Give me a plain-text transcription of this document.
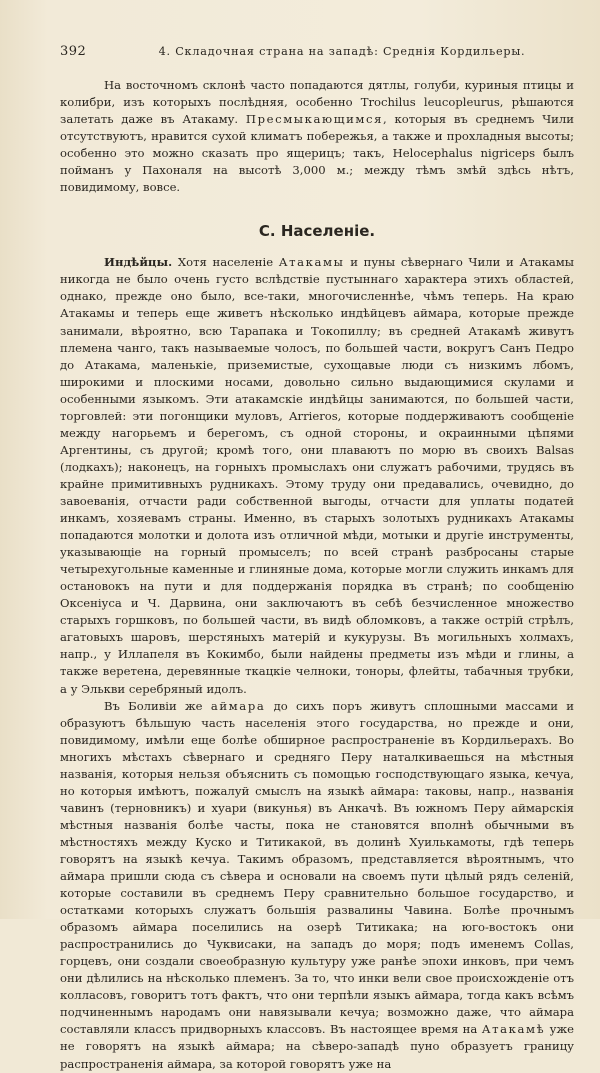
392	4. Складочная страна на западѣ: Среднія Кордильеры.

На восточномъ склонѣ часто попадаются дятлы, голуби, куриныя птицы и колибри, изъ которыхъ послѣдняя, особенно Trochilus leucopleurus, рѣшаются залетать даже въ Атакаму. Пресмыкающимся, которыя въ среднемъ Чили отсутствуютъ, нравится сухой климатъ побережья, а также и прохладныя высоты; особенно это можно сказать про ящерицъ; такъ, Helocephalus nigriceps былъ пойманъ у Пахоналя на высотѣ 3,000 м.; между тѣмъ змѣй здѣсь нѣтъ, повидимому, вовсе.

C. Населеніе.

Индѣйцы. Хотя населеніе Атакамы и пуны сѣвернаго Чили и Атакамы никогда не было очень густо вслѣдствіе пустыннаго характера этихъ областей, однако, прежде оно было, все-таки, многочисленнѣе, чѣмъ теперь. На краю Атакамы и теперь еще живетъ нѣсколько индѣйцевъ аймара, которые прежде занимали, вѣроятно, всю Тарапака и Токопиллу; въ средней Атакамѣ живутъ племена чанго, такъ называемые чолосъ, по большей части, вокругъ Санъ Педро до Атакама, маленькіе, приземистые, сухощавые люди съ низкимъ лбомъ, широкими и плоскими носами, довольно сильно выдающимися скулами и особенными языкомъ. Эти атакамскіе индѣйцы занимаются, по большей части, торговлей: эти погонщики муловъ, Arrieros, которые поддерживаютъ сообщеніе между нагорьемъ и берегомъ, съ одной стороны, и окраинными цѣпями Аргентины, съ другой; кромѣ того, они плаваютъ по морю въ своихъ Balsas (лодкахъ); наконецъ, на горныхъ промыслахъ они служатъ рабочими, трудясь въ крайне примитивныхъ рудникахъ. Этому труду они предавались, очевидно, до завоеванія, отчасти ради собственной выгоды, отчасти для уплаты податей инкамъ, хозяевамъ страны. Именно, въ старыхъ золотыхъ рудникахъ Атакамы попадаются молотки и долота изъ отличной мѣди, мотыки и другіе инструменты, указывающіе на горный промыселъ; по всей странѣ разбросаны старые четырехугольные каменные и глиняные дома, которые могли служить инкамъ для остановокъ на пути и для поддержанія порядка въ странѣ; по сообщенію Оксеніуса и Ч. Дарвина, они заключаютъ въ себѣ безчисленное множество старыхъ горшковъ, по большей части, въ видѣ обломковъ, а также острій стрѣлъ, агатовыхъ шаровъ, шерстяныхъ матерій и кукурузы. Въ могильныхъ холмахъ, напр., у Иллапеля въ Кокимбо, были найдены предметы изъ мѣди и глины, а также веретена, деревянные ткацкіе челноки, тоноры, флейты, табачныя трубки, а у Элькви серебряный идолъ.

Въ Боливіи же аймара до сихъ поръ живутъ сплошными массами и образуютъ бѣльшую часть населенія этого государства, но прежде и они, повидимому, имѣли еще болѣе обширное распространеніе въ Кордильерахъ. Во многихъ мѣстахъ сѣвернаго и средняго Перу наталкиваешься на мѣстныя названія, которыя нельзя объяснить съ помощью господствующаго языка, кечуа, но которыя имѣютъ, пожалуй смыслъ на языкѣ аймара: таковы, напр., названія чавинъ (терновникъ) и хуари (викунья) въ Анкачѣ. Въ южномъ Перу аймарскія мѣстныя названія болѣе часты, пока не становятся вполнѣ обычными въ мѣстностяхъ между Куско и Титикакой, въ долинѣ Хуилькамоты, гдѣ теперь говорятъ на языкѣ кечуа. Такимъ образомъ, представляется вѣроятнымъ, что аймара пришли сюда съ сѣвера и основали на своемъ пути цѣлый рядъ селеній, которые составили въ среднемъ Перу сравнительно большое государство, и остатками которыхъ служатъ большія развалины Чавина. Болѣе прочнымъ образомъ аймара поселились на озерѣ Титикака; на юго-востокъ они распространились до Чуквисаки, на западъ до моря; подъ именемъ Collas, горцевъ, они создали своеобразную культуру уже ранѣе эпохи инковъ, при чемъ они дѣлились на нѣсколько племенъ. За то, что инки вели свое происхожденіе отъ колласовъ, говоритъ тотъ фактъ, что они терпѣли языкъ аймара, тогда какъ всѣмъ подчиненнымъ народамъ они навязывали кечуа; возможно даже, что аймара составляли классъ придворныхъ классовъ. Въ настоящее время на Атакамѣ уже не говорятъ на языкѣ аймара; на сѣверо-западѣ пуно образуетъ границу распространенія аймара, за которой говорятъ уже на
